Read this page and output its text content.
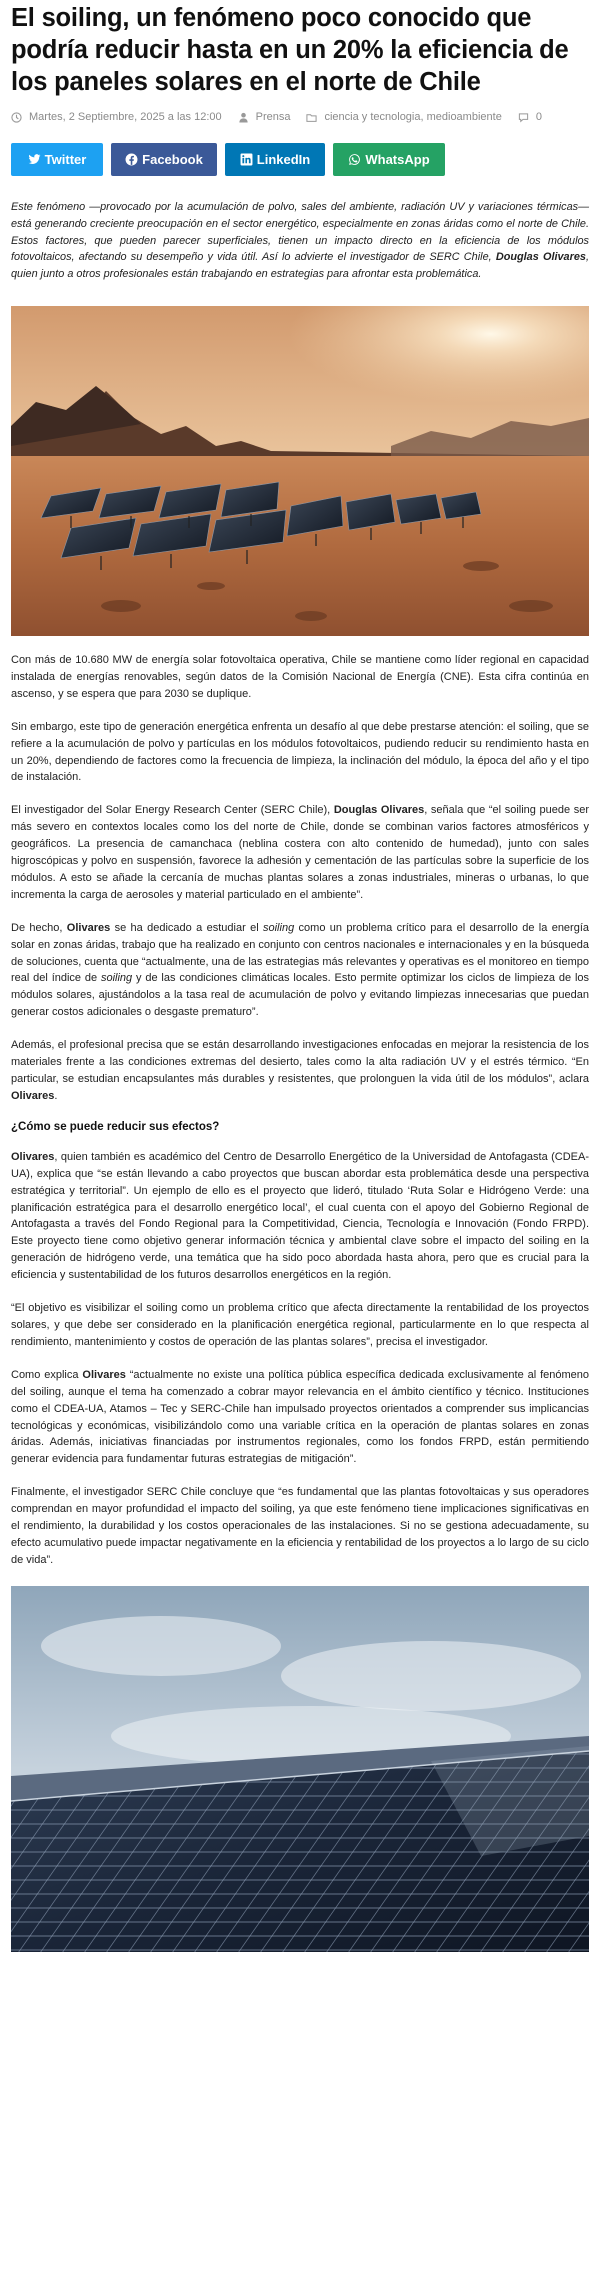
El soiling, un fenómeno poco conocido que podría reducir hasta en un 20% la eficiencia de los paneles solares en el norte de Chile
Martes, 2 Septiembre, 2025 a las 12:00	Prensa	ciencia y tecnologia, medioambiente	0
Twitter	Facebook	LinkedIn	WhatsApp

Este fenómeno —provocado por la acumulación de polvo, sales del ambiente, radiación UV y variaciones térmicas— está generando creciente preocupación en el sector energético, especialmente en zonas áridas como el norte de Chile. Estos factores, que pueden parecer superficiales, tienen un impacto directo en la eficiencia de los módulos fotovoltaicos, afectando su desempeño y vida útil. Así lo advierte el investigador de SERC Chile, Douglas Olivares, quien junto a otros profesionales están trabajando en estrategias para afrontar esta problemática.

Con más de 10.680 MW de energía solar fotovoltaica operativa, Chile se mantiene como líder regional en capacidad instalada de energías renovables, según datos de la Comisión Nacional de Energía (CNE). Esta cifra continúa en ascenso, y se espera que para 2030 se duplique.

Sin embargo, este tipo de generación energética enfrenta un desafío al que debe prestarse atención: el soiling, que se refiere a la acumulación de polvo y partículas en los módulos fotovoltaicos, pudiendo reducir su rendimiento hasta en un 20%, dependiendo de factores como la frecuencia de limpieza, la inclinación del módulo, la época del año y el tipo de instalación.

El investigador del Solar Energy Research Center (SERC Chile), Douglas Olivares, señala que “el soiling puede ser más severo en contextos locales como los del norte de Chile, donde se combinan varios factores atmosféricos y geográficos. La presencia de camanchaca (neblina costera con alto contenido de humedad), junto con sales higroscópicas y polvo en suspensión, favorece la adhesión y cementación de las partículas sobre la superficie de los módulos. A esto se añade la cercanía de muchas plantas solares a zonas industriales, mineras o urbanas, lo que incrementa la carga de aerosoles y material particulado en el ambiente”.

De hecho, Olivares se ha dedicado a estudiar el soiling como un problema crítico para el desarrollo de la energía solar en zonas áridas, trabajo que ha realizado en conjunto con centros nacionales e internacionales y en la búsqueda de soluciones, cuenta que “actualmente, una de las estrategias más relevantes y operativas es el monitoreo en tiempo real del índice de soiling y de las condiciones climáticas locales. Esto permite optimizar los ciclos de limpieza de los módulos solares, ajustándolos a la tasa real de acumulación de polvo y evitando limpiezas innecesarias que puedan generar costos adicionales o desgaste prematuro”.

Además, el profesional precisa que se están desarrollando investigaciones enfocadas en mejorar la resistencia de los materiales frente a las condiciones extremas del desierto, tales como la alta radiación UV y el estrés térmico. “En particular, se estudian encapsulantes más durables y resistentes, que prolonguen la vida útil de los módulos”, aclara Olivares.

¿Cómo se puede reducir sus efectos?

Olivares, quien también es académico del Centro de Desarrollo Energético de la Universidad de Antofagasta (CDEA-UA), explica que “se están llevando a cabo proyectos que buscan abordar esta problemática desde una perspectiva estratégica y territorial”. Un ejemplo de ello es el proyecto que lideró, titulado ‘Ruta Solar e Hidrógeno Verde: una planificación estratégica para el desarrollo energético local’, el cual cuenta con el apoyo del Gobierno Regional de Antofagasta a través del Fondo Regional para la Competitividad, Ciencia, Tecnología e Innovación (Fondo FRPD). Este proyecto tiene como objetivo generar información técnica y ambiental clave sobre el impacto del soiling en la generación de hidrógeno verde, una temática que ha sido poco abordada hasta ahora, pero que es crucial para la eficiencia y sustentabilidad de los futuros desarrollos energéticos en la región.

“El objetivo es visibilizar el soiling como un problema crítico que afecta directamente la rentabilidad de los proyectos solares, y que debe ser considerado en la planificación energética regional, particularmente en lo que respecta al rendimiento, mantenimiento y costos de operación de las plantas solares”, precisa el investigador.

Como explica Olivares “actualmente no existe una política pública específica dedicada exclusivamente al fenómeno del soiling, aunque el tema ha comenzado a cobrar mayor relevancia en el ámbito científico y técnico. Instituciones como el CDEA-UA, Atamos – Tec y SERC-Chile han impulsado proyectos orientados a comprender sus implicancias tecnológicas y económicas, visibilizándolo como una variable crítica en la operación de plantas solares en zonas áridas. Además, iniciativas financiadas por instrumentos regionales, como los fondos FRPD, están permitiendo generar evidencia para fundamentar futuras estrategias de mitigación”.

Finalmente, el investigador SERC Chile concluye que “es fundamental que las plantas fotovoltaicas y sus operadores comprendan en mayor profundidad el impacto del soiling, ya que este fenómeno tiene implicaciones significativas en el rendimiento, la durabilidad y los costos operacionales de las instalaciones. Si no se gestiona adecuadamente, su efecto acumulativo puede impactar negativamente en la eficiencia y rentabilidad de los proyectos a lo largo de su ciclo de vida”.
